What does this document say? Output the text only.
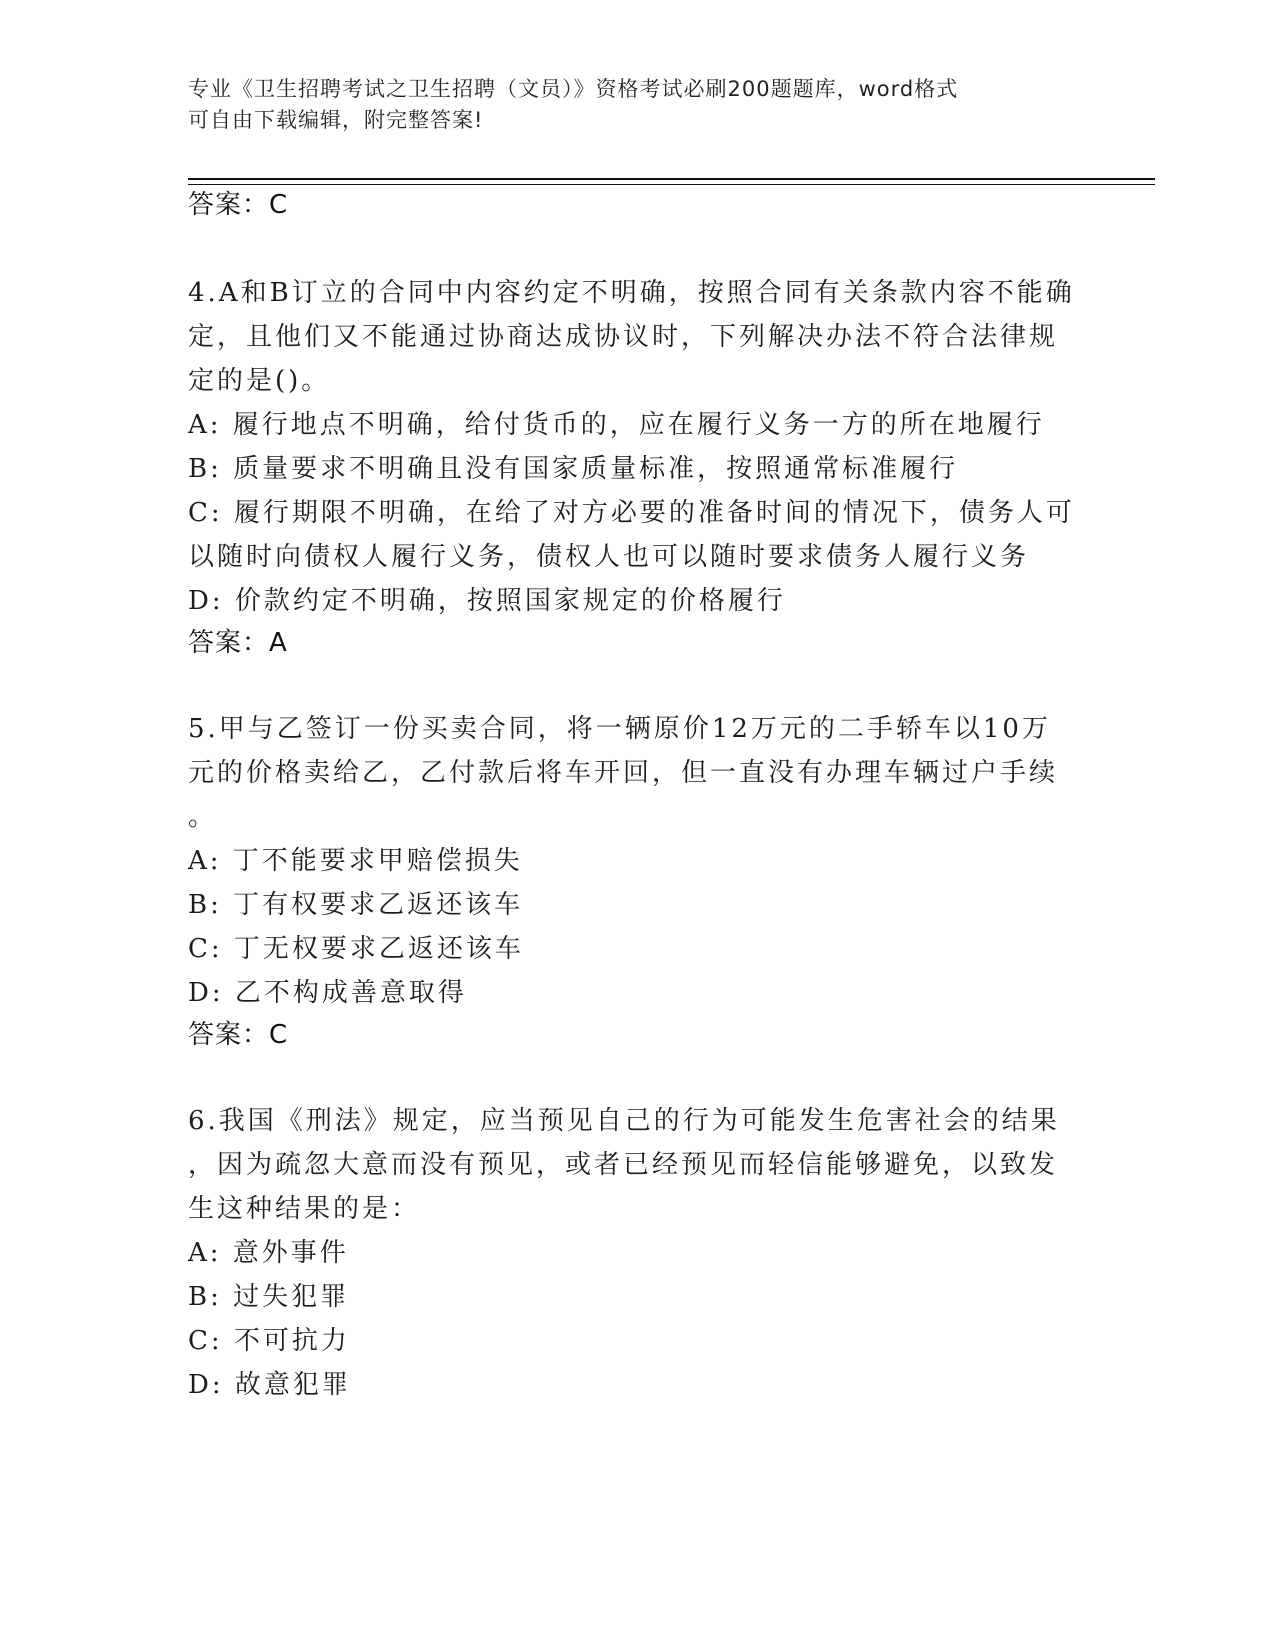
专业《卫生招聘考试之卫生招聘（文员）》资格考试必刷200题题库，word格式
可自由下载编辑，附完整答案!
答案：C
4.A和B订立的合同中内容约定不明确，按照合同有关条款内容不能确
定，且他们又不能通过协商达成协议时，下列解决办法不符合法律规
定的是()。
A: 履行地点不明确，给付货币的，应在履行义务一方的所在地履行
B: 质量要求不明确且没有国家质量标准，按照通常标准履行
C: 履行期限不明确，在给了对方必要的准备时间的情况下，债务人可
以随时向债权人履行义务，债权人也可以随时要求债务人履行义务
D: 价款约定不明确，按照国家规定的价格履行
答案：A
5.甲与乙签订一份买卖合同，将一辆原价12万元的二手轿车以10万
元的价格卖给乙，乙付款后将车开回，但一直没有办理车辆过户手续
。
A: 丁不能要求甲赔偿损失
B: 丁有权要求乙返还该车
C: 丁无权要求乙返还该车
D: 乙不构成善意取得
答案：C
6.我国《刑法》规定，应当预见自己的行为可能发生危害社会的结果
，因为疏忽大意而没有预见，或者已经预见而轻信能够避免，以致发
生这种结果的是：
A: 意外事件
B: 过失犯罪
C: 不可抗力
D: 故意犯罪
